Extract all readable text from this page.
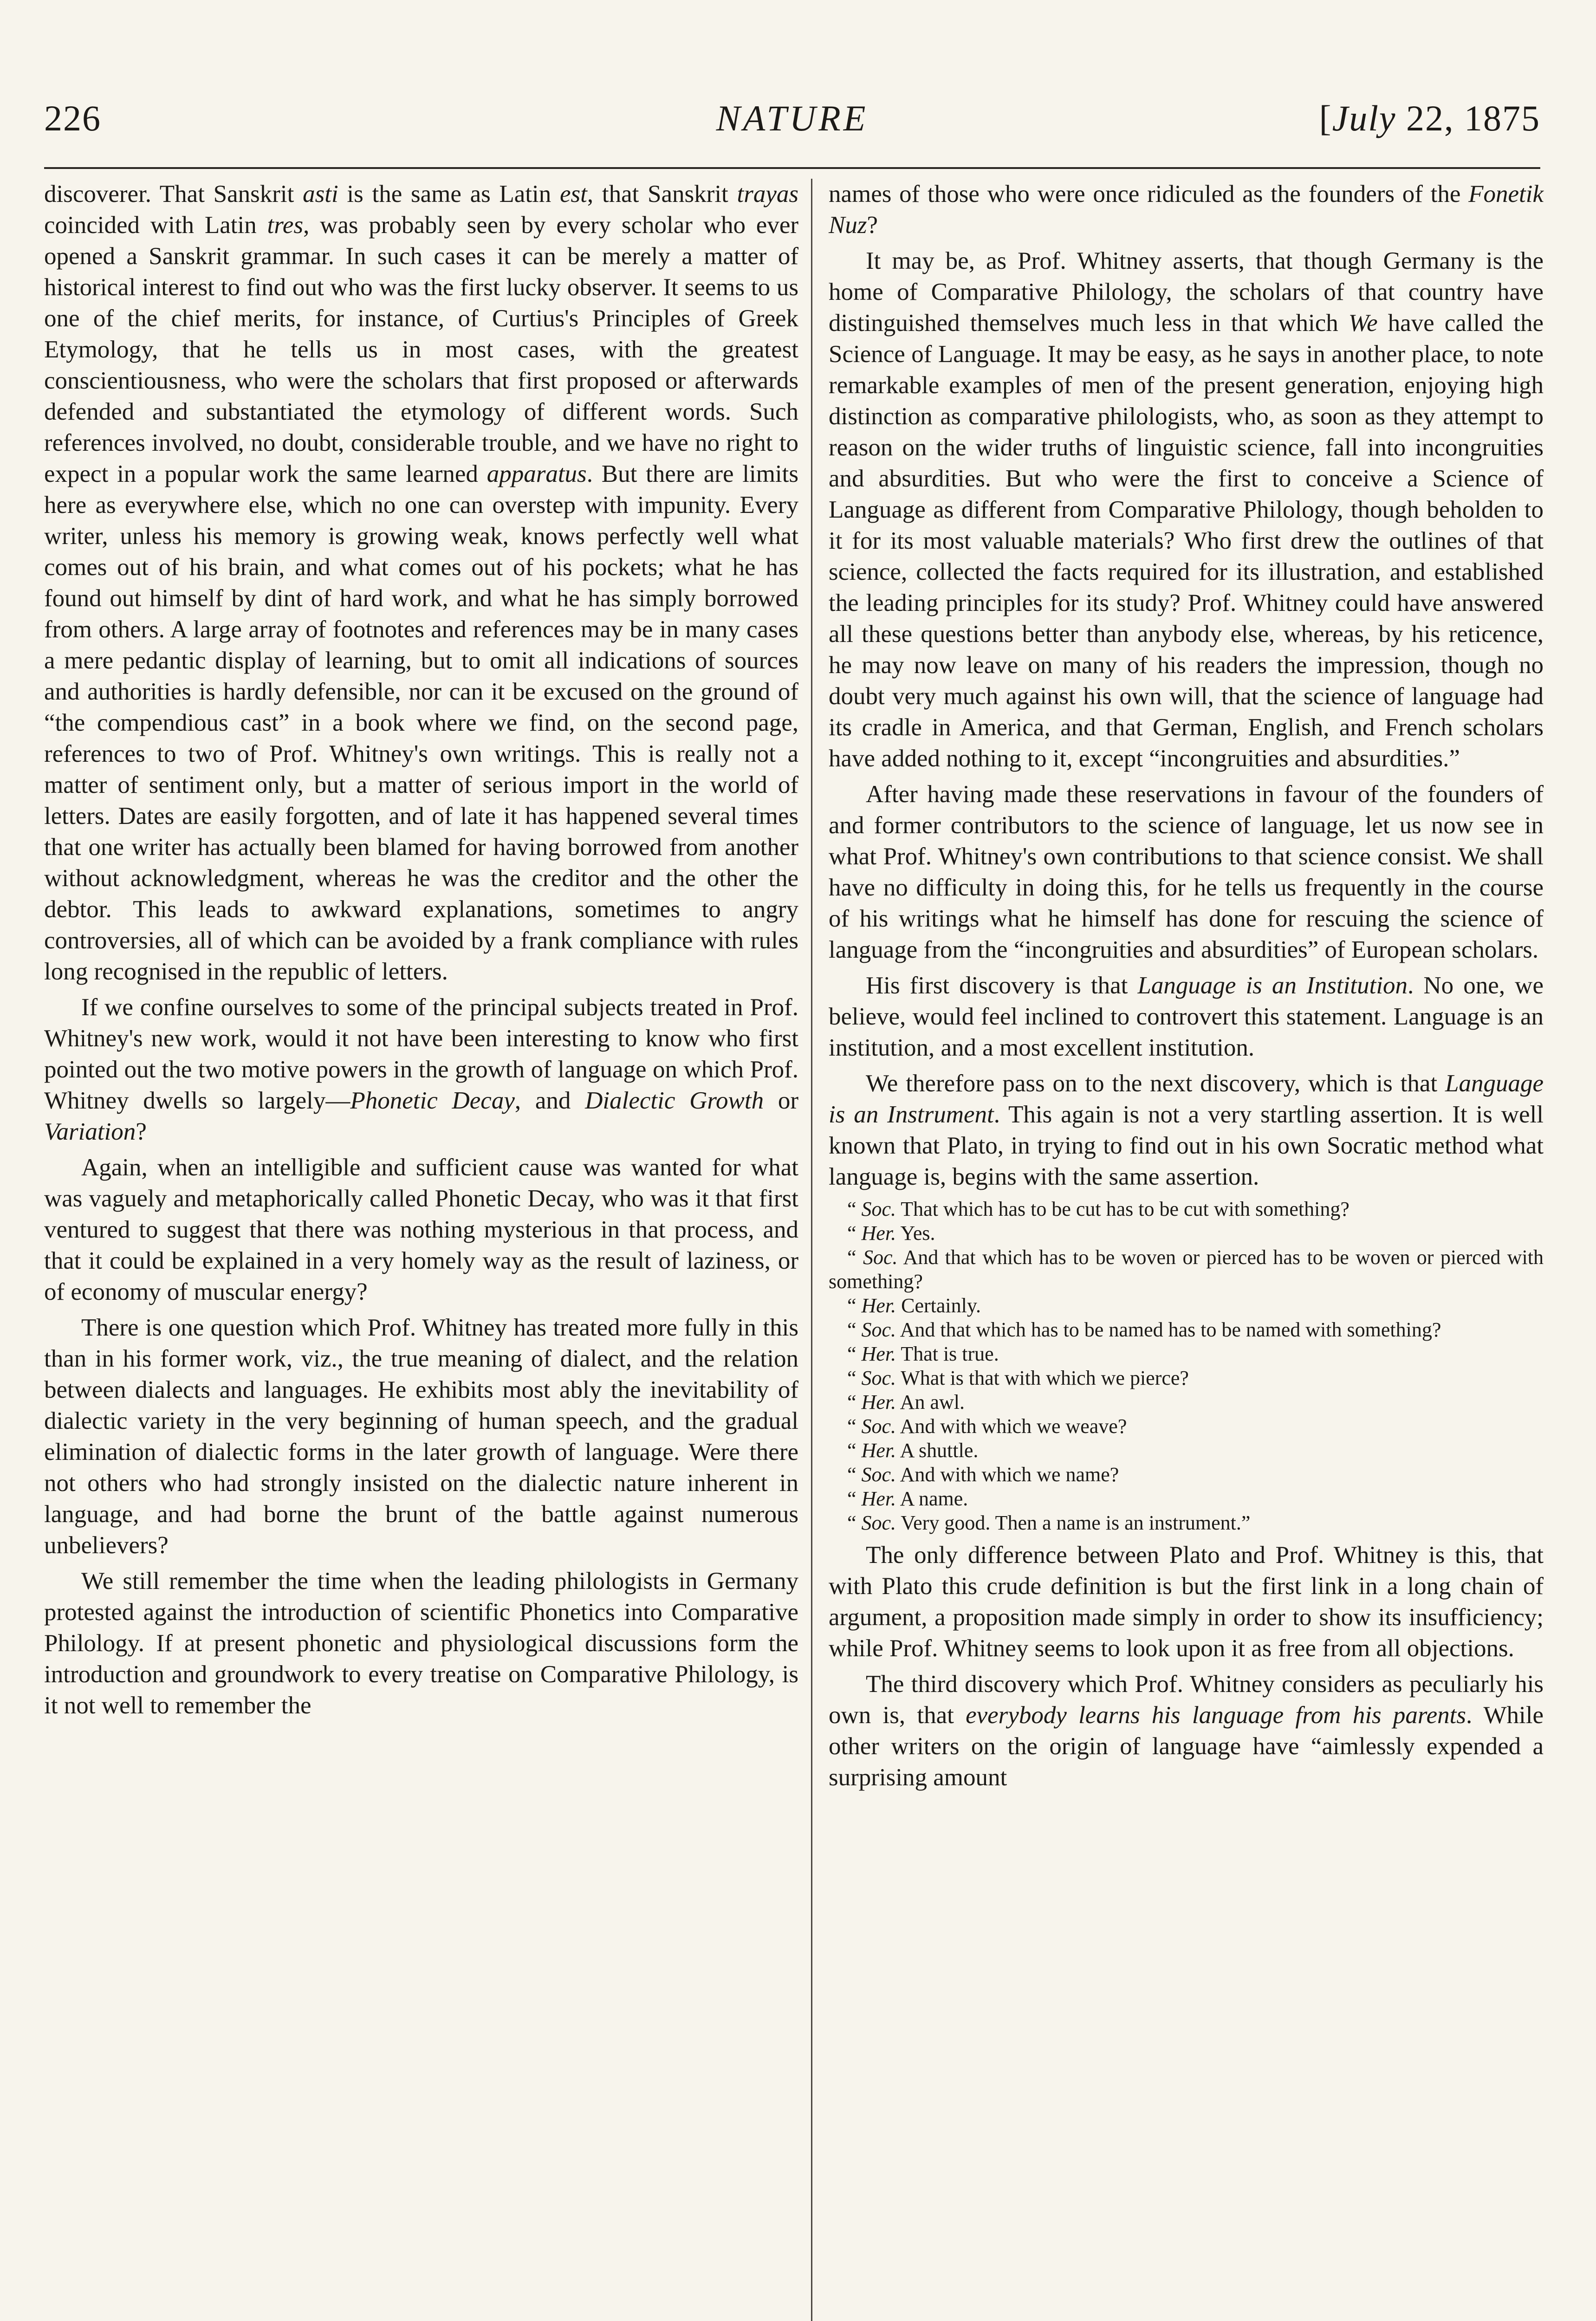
226	NATURE	[July 22, 1875

discoverer. That Sanskrit asti is the same as Latin est, that Sanskrit trayas coincided with Latin tres, was probably seen by every scholar who ever opened a Sanskrit grammar. In such cases it can be merely a matter of historical interest to find out who was the first lucky observer. It seems to us one of the chief merits, for instance, of Curtius's Principles of Greek Etymology, that he tells us in most cases, with the greatest conscientiousness, who were the scholars that first proposed or afterwards defended and substantiated the etymology of different words. Such references involved, no doubt, considerable trouble, and we have no right to expect in a popular work the same learned apparatus. But there are limits here as everywhere else, which no one can overstep with impunity. Every writer, unless his memory is growing weak, knows perfectly well what comes out of his brain, and what comes out of his pockets; what he has found out himself by dint of hard work, and what he has simply borrowed from others. A large array of footnotes and references may be in many cases a mere pedantic display of learning, but to omit all indications of sources and authorities is hardly defensible, nor can it be excused on the ground of “the compendious cast” in a book where we find, on the second page, references to two of Prof. Whitney's own writings. This is really not a matter of sentiment only, but a matter of serious import in the world of letters. Dates are easily forgotten, and of late it has happened several times that one writer has actually been blamed for having borrowed from another without acknowledgment, whereas he was the creditor and the other the debtor. This leads to awkward explanations, sometimes to angry controversies, all of which can be avoided by a frank compliance with rules long recognised in the republic of letters.

If we confine ourselves to some of the principal subjects treated in Prof. Whitney's new work, would it not have been interesting to know who first pointed out the two motive powers in the growth of language on which Prof. Whitney dwells so largely—Phonetic Decay, and Dialectic Growth or Variation?

Again, when an intelligible and sufficient cause was wanted for what was vaguely and metaphorically called Phonetic Decay, who was it that first ventured to suggest that there was nothing mysterious in that process, and that it could be explained in a very homely way as the result of laziness, or of economy of muscular energy?

There is one question which Prof. Whitney has treated more fully in this than in his former work, viz., the true meaning of dialect, and the relation between dialects and languages. He exhibits most ably the inevitability of dialectic variety in the very beginning of human speech, and the gradual elimination of dialectic forms in the later growth of language. Were there not others who had strongly insisted on the dialectic nature inherent in language, and had borne the brunt of the battle against numerous unbelievers?

We still remember the time when the leading philologists in Germany protested against the introduction of scientific Phonetics into Comparative Philology. If at present phonetic and physiological discussions form the introduction and groundwork to every treatise on Comparative Philology, is it not well to remember the

names of those who were once ridiculed as the founders of the Fonetik Nuz?

It may be, as Prof. Whitney asserts, that though Germany is the home of Comparative Philology, the scholars of that country have distinguished themselves much less in that which We have called the Science of Language. It may be easy, as he says in another place, to note remarkable examples of men of the present generation, enjoying high distinction as comparative philologists, who, as soon as they attempt to reason on the wider truths of linguistic science, fall into incongruities and absurdities. But who were the first to conceive a Science of Language as different from Comparative Philology, though beholden to it for its most valuable materials? Who first drew the outlines of that science, collected the facts required for its illustration, and established the leading principles for its study? Prof. Whitney could have answered all these questions better than anybody else, whereas, by his reticence, he may now leave on many of his readers the impression, though no doubt very much against his own will, that the science of language had its cradle in America, and that German, English, and French scholars have added nothing to it, except “incongruities and absurdities.”

After having made these reservations in favour of the founders of and former contributors to the science of language, let us now see in what Prof. Whitney's own contributions to that science consist. We shall have no difficulty in doing this, for he tells us frequently in the course of his writings what he himself has done for rescuing the science of language from the “incongruities and absurdities” of European scholars.

His first discovery is that Language is an Institution. No one, we believe, would feel inclined to controvert this statement. Language is an institution, and a most excellent institution.

We therefore pass on to the next discovery, which is that Language is an Instrument. This again is not a very startling assertion. It is well known that Plato, in trying to find out in his own Socratic method what language is, begins with the same assertion.

“ Soc. That which has to be cut has to be cut with something?
“ Her. Yes.
“ Soc. And that which has to be woven or pierced has to be woven or pierced with something?
“ Her. Certainly.
“ Soc. And that which has to be named has to be named with something?
“ Her. That is true.
“ Soc. What is that with which we pierce?
“ Her. An awl.
“ Soc. And with which we weave?
“ Her. A shuttle.
“ Soc. And with which we name?
“ Her. A name.
“ Soc. Very good. Then a name is an instrument.”

The only difference between Plato and Prof. Whitney is this, that with Plato this crude definition is but the first link in a long chain of argument, a proposition made simply in order to show its insufficiency; while Prof. Whitney seems to look upon it as free from all objections.

The third discovery which Prof. Whitney considers as peculiarly his own is, that everybody learns his language from his parents. While other writers on the origin of language have “aimlessly expended a surprising amount
